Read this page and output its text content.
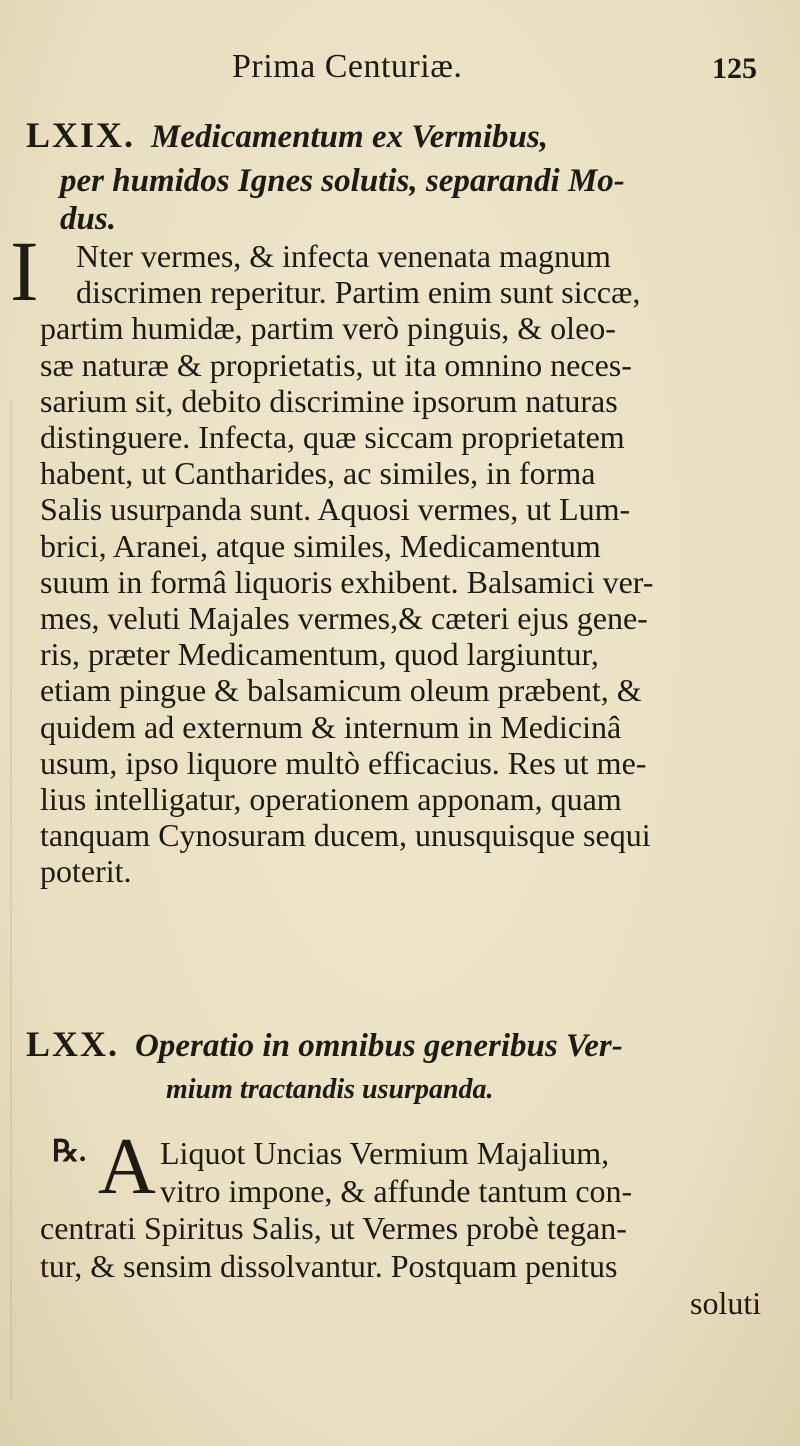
Prima Centuriæ.	125
LXIX. Medicamentum ex Vermibus,
per humidos Ignes solutis, separandi Mo-
dus.
I	Nter vermes, & infecta venenata magnum
discrimen reperitur. Partim enim sunt siccæ,
partim humidæ, partim verò pinguis, & oleo-
sæ naturæ & proprietatis, ut ita omnino neces-
sarium sit, debito discrimine ipsorum naturas
distinguere. Infecta, quæ siccam proprietatem
habent, ut Cantharides, ac similes, in forma
Salis usurpanda sunt. Aquosi vermes, ut Lum-
brici, Aranei, atque similes, Medicamentum
suum in formâ liquoris exhibent. Balsamici ver-
mes, veluti Majales vermes,& cæteri ejus gene-
ris, præter Medicamentum, quod largiuntur,
etiam pingue & balsamicum oleum præbent, &
quidem ad externum & internum in Medicinâ
usum, ipso liquore multò efficacius. Res ut me-
lius intelligatur, operationem apponam, quam
tanquam Cynosuram ducem, unusquisque sequi
poterit.
LXX. Operatio in omnibus generibus Ver-
mium tractandis usurpanda.
℞. A Liquot Uncias Vermium Majalium,
vitro impone, & affunde tantum con-
centrati Spiritus Salis, ut Vermes probè tegan-
tur, & sensim dissolvantur. Postquam penitus
soluti
